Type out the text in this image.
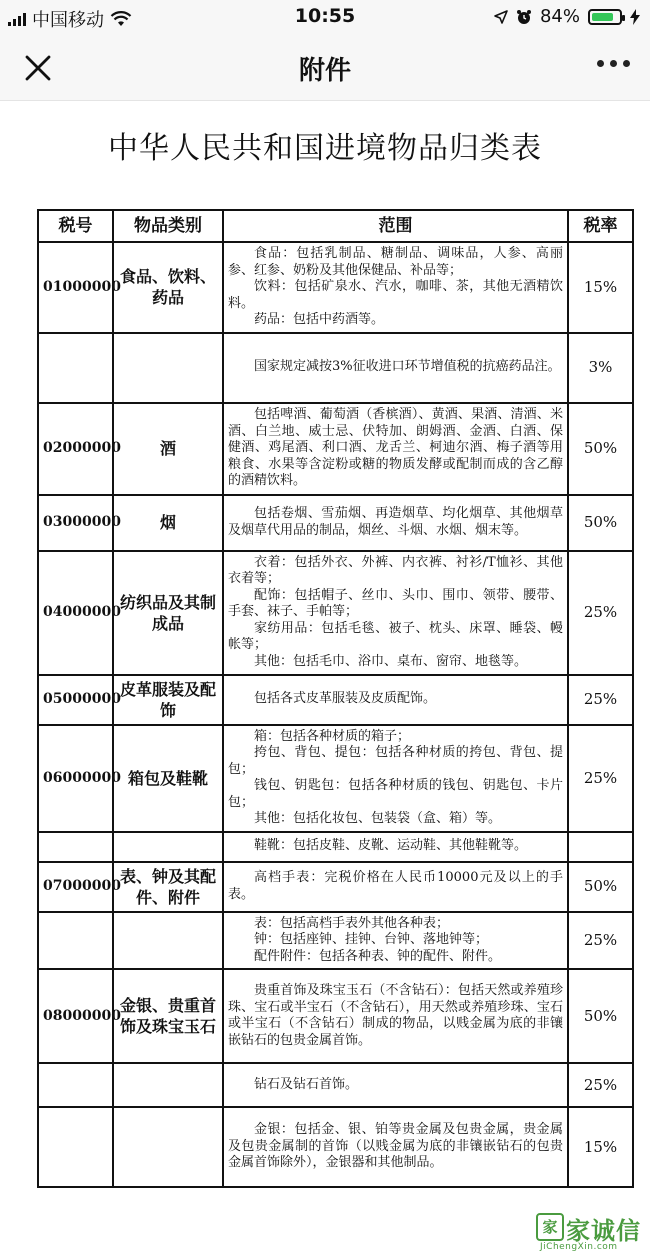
中国移动	10:55	84%
附件
中华人民共和国进境物品归类表
税号	物品类别	范围	税率
01000000	食品、饮料、药品	食品：包括乳制品、糖制品、调味品，人参、高丽参、红参、奶粉及其他保健品、补品等；

饮料：包括矿泉水、汽水，咖啡、茶，其他无酒精饮料。

药品：包括中药酒等。	15%

		国家规定减按3%征收进口环节增值税的抗癌药品注。	3%
02000000	酒	包括啤酒、葡萄酒（香槟酒）、黄酒、果酒、清酒、米酒、白兰地、威士忌、伏特加、朗姆酒、金酒、白酒、保健酒、鸡尾酒、利口酒、龙舌兰、柯迪尔酒、梅子酒等用粮食、水果等含淀粉或糖的物质发酵或配制而成的含乙醇的酒精饮料。	50%
03000000	烟	包括卷烟、雪茄烟、再造烟草、均化烟草、其他烟草及烟草代用品的制品，烟丝、斗烟、水烟、烟末等。	50%
04000000	纺织品及其制成品	衣着：包括外衣、外裤、内衣裤、衬衫/T恤衫、其他衣着等；

配饰：包括帽子、丝巾、头巾、围巾、领带、腰带、手套、袜子、手帕等；

家纺用品：包括毛毯、被子、枕头、床罩、睡袋、幔帐等；

其他：包括毛巾、浴巾、桌布、窗帘、地毯等。	25%
05000000	皮革服装及配饰	包括各式皮革服装及皮质配饰。	25%
06000000	箱包及鞋靴	箱：包括各种材质的箱子；

挎包、背包、提包：包括各种材质的挎包、背包、提包；

钱包、钥匙包：包括各种材质的钱包、钥匙包、卡片包；

其他：包括化妆包、包装袋（盒、箱）等。	25%

		鞋靴：包括皮鞋、皮靴、运动鞋、其他鞋靴等。	

07000000	表、钟及其配件、附件	高档手表：完税价格在人民币10000元及以上的手表。	50%

		表：包括高档手表外其他各种表；

钟：包括座钟、挂钟、台钟、落地钟等；

配件附件：包括各种表、钟的配件、附件。	25%
08000000	金银、贵重首饰及珠宝玉石	贵重首饰及珠宝玉石（不含钻石）：包括天然或养殖珍珠、宝石或半宝石（不含钻石），用天然或养殖珍珠、宝石或半宝石（不含钻石）制成的物品，以贱金属为底的非镶嵌钻石的包贵金属首饰。	50%

		钻石及钻石首饰。	25%

		金银：包括金、银、铂等贵金属及包贵金属，贵金属及包贵金属制的首饰（以贱金属为底的非镶嵌钻石的包贵金属首饰除外），金银器和其他制品。	15%
家 家诚信
JiChengXin.com
